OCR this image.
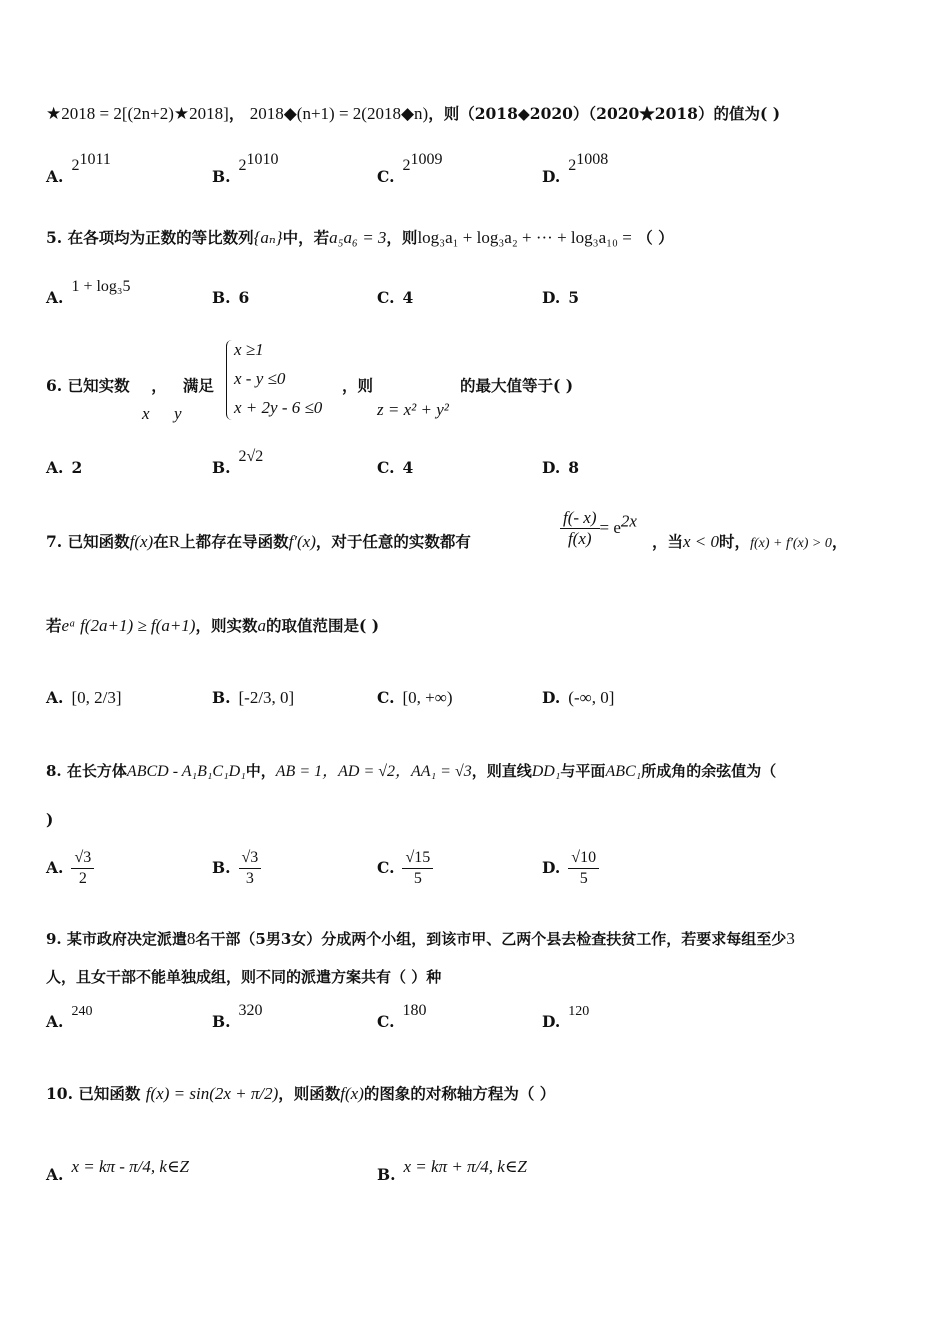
★2018 = 2[(2n+2)★2018]， 2018◆(n+1) = 2(2018◆n)，则（2018◆2020）（2020★2018）的值为( )
$A.2^{1011}$
$B.2^{1010}$
$C.2^{1009}$
$D.2^{1008}$
5. 在各项均为正数的等比数列{aₙ}中，若a₅a₆ = 3，则log₃a₁ + log₃a₂ + ··· + log₃a₁₀ = （ ）
A.1 + log₃5
B. 6	C. 4	D. 5
6. 已知实数 ， 满足
x y
x ≥1
x - y ≤0
x + 2y - 6 ≤0
，则
z = x² + y²
的最大值等于( )
A. 2	B.2√2
C. 4	D. 8
7. 已知函数f(x)在R上都存在导函数f′(x)，对于任意的实数都有	$\frac{f(- x)}{f(x)} = e^{2x}$
，当x < 0时，f(x) + f′(x) > 0，
若eᵃ f(2a+1) ≥ f(a+1)，则实数a的取值范围是( )
A. [0, 2/3]	B. [-2/3, 0]	C. [0, +∞)	D. (-∞, 0]
8. 在长方体ABCD - A₁B₁C₁D₁中，AB = 1，AD = √2，AA₁ = √3，则直线DD₁与平面ABC₁所成角的余弦值为（
)
A. $\frac{√3}{2}$	B. $\frac{√3}{3}$	C. $\frac{√15}{5}$	D. $\frac{√10}{5}$
9. 某市政府决定派遣8名干部（5男3女）分成两个小组，到该市甲、乙两个县去检查扶贫工作，若要求每组至少3
人，且女干部不能单独成组，则不同的派遣方案共有（ ）种
A.240
B.320
C.180
D.120
10. 已知函数 f(x) = sin(2x + π/2)，则函数f(x)的图象的对称轴方程为（ ）
A. x = kπ - π/4, k∈Z	B. x = kπ + π/4, k∈Z
